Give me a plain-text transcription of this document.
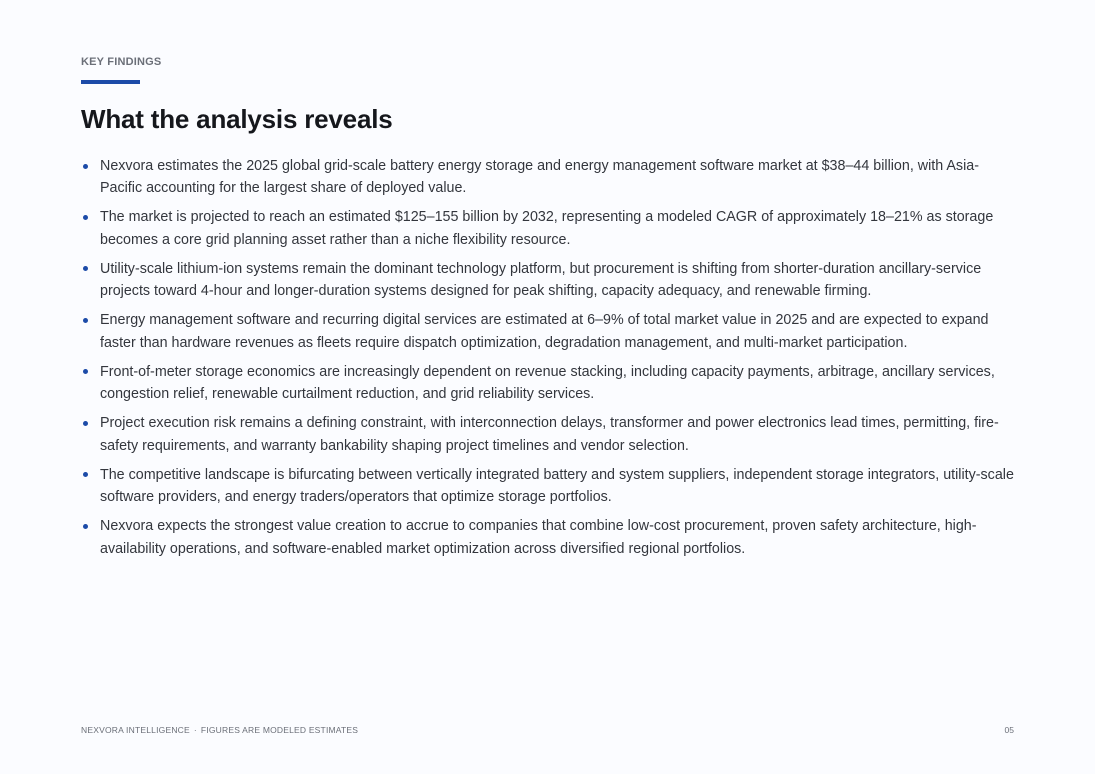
KEY FINDINGS
What the analysis reveals
Nexvora estimates the 2025 global grid-scale battery energy storage and energy management software market at $38–44 billion, with Asia-Pacific accounting for the largest share of deployed value.
The market is projected to reach an estimated $125–155 billion by 2032, representing a modeled CAGR of approximately 18–21% as storage becomes a core grid planning asset rather than a niche flexibility resource.
Utility-scale lithium-ion systems remain the dominant technology platform, but procurement is shifting from shorter-duration ancillary-service projects toward 4-hour and longer-duration systems designed for peak shifting, capacity adequacy, and renewable firming.
Energy management software and recurring digital services are estimated at 6–9% of total market value in 2025 and are expected to expand faster than hardware revenues as fleets require dispatch optimization, degradation management, and multi-market participation.
Front-of-meter storage economics are increasingly dependent on revenue stacking, including capacity payments, arbitrage, ancillary services, congestion relief, renewable curtailment reduction, and grid reliability services.
Project execution risk remains a defining constraint, with interconnection delays, transformer and power electronics lead times, permitting, fire-safety requirements, and warranty bankability shaping project timelines and vendor selection.
The competitive landscape is bifurcating between vertically integrated battery and system suppliers, independent storage integrators, utility-scale software providers, and energy traders/operators that optimize storage portfolios.
Nexvora expects the strongest value creation to accrue to companies that combine low-cost procurement, proven safety architecture, high-availability operations, and software-enabled market optimization across diversified regional portfolios.
NEXVORA INTELLIGENCE · FIGURES ARE MODELED ESTIMATES	05
